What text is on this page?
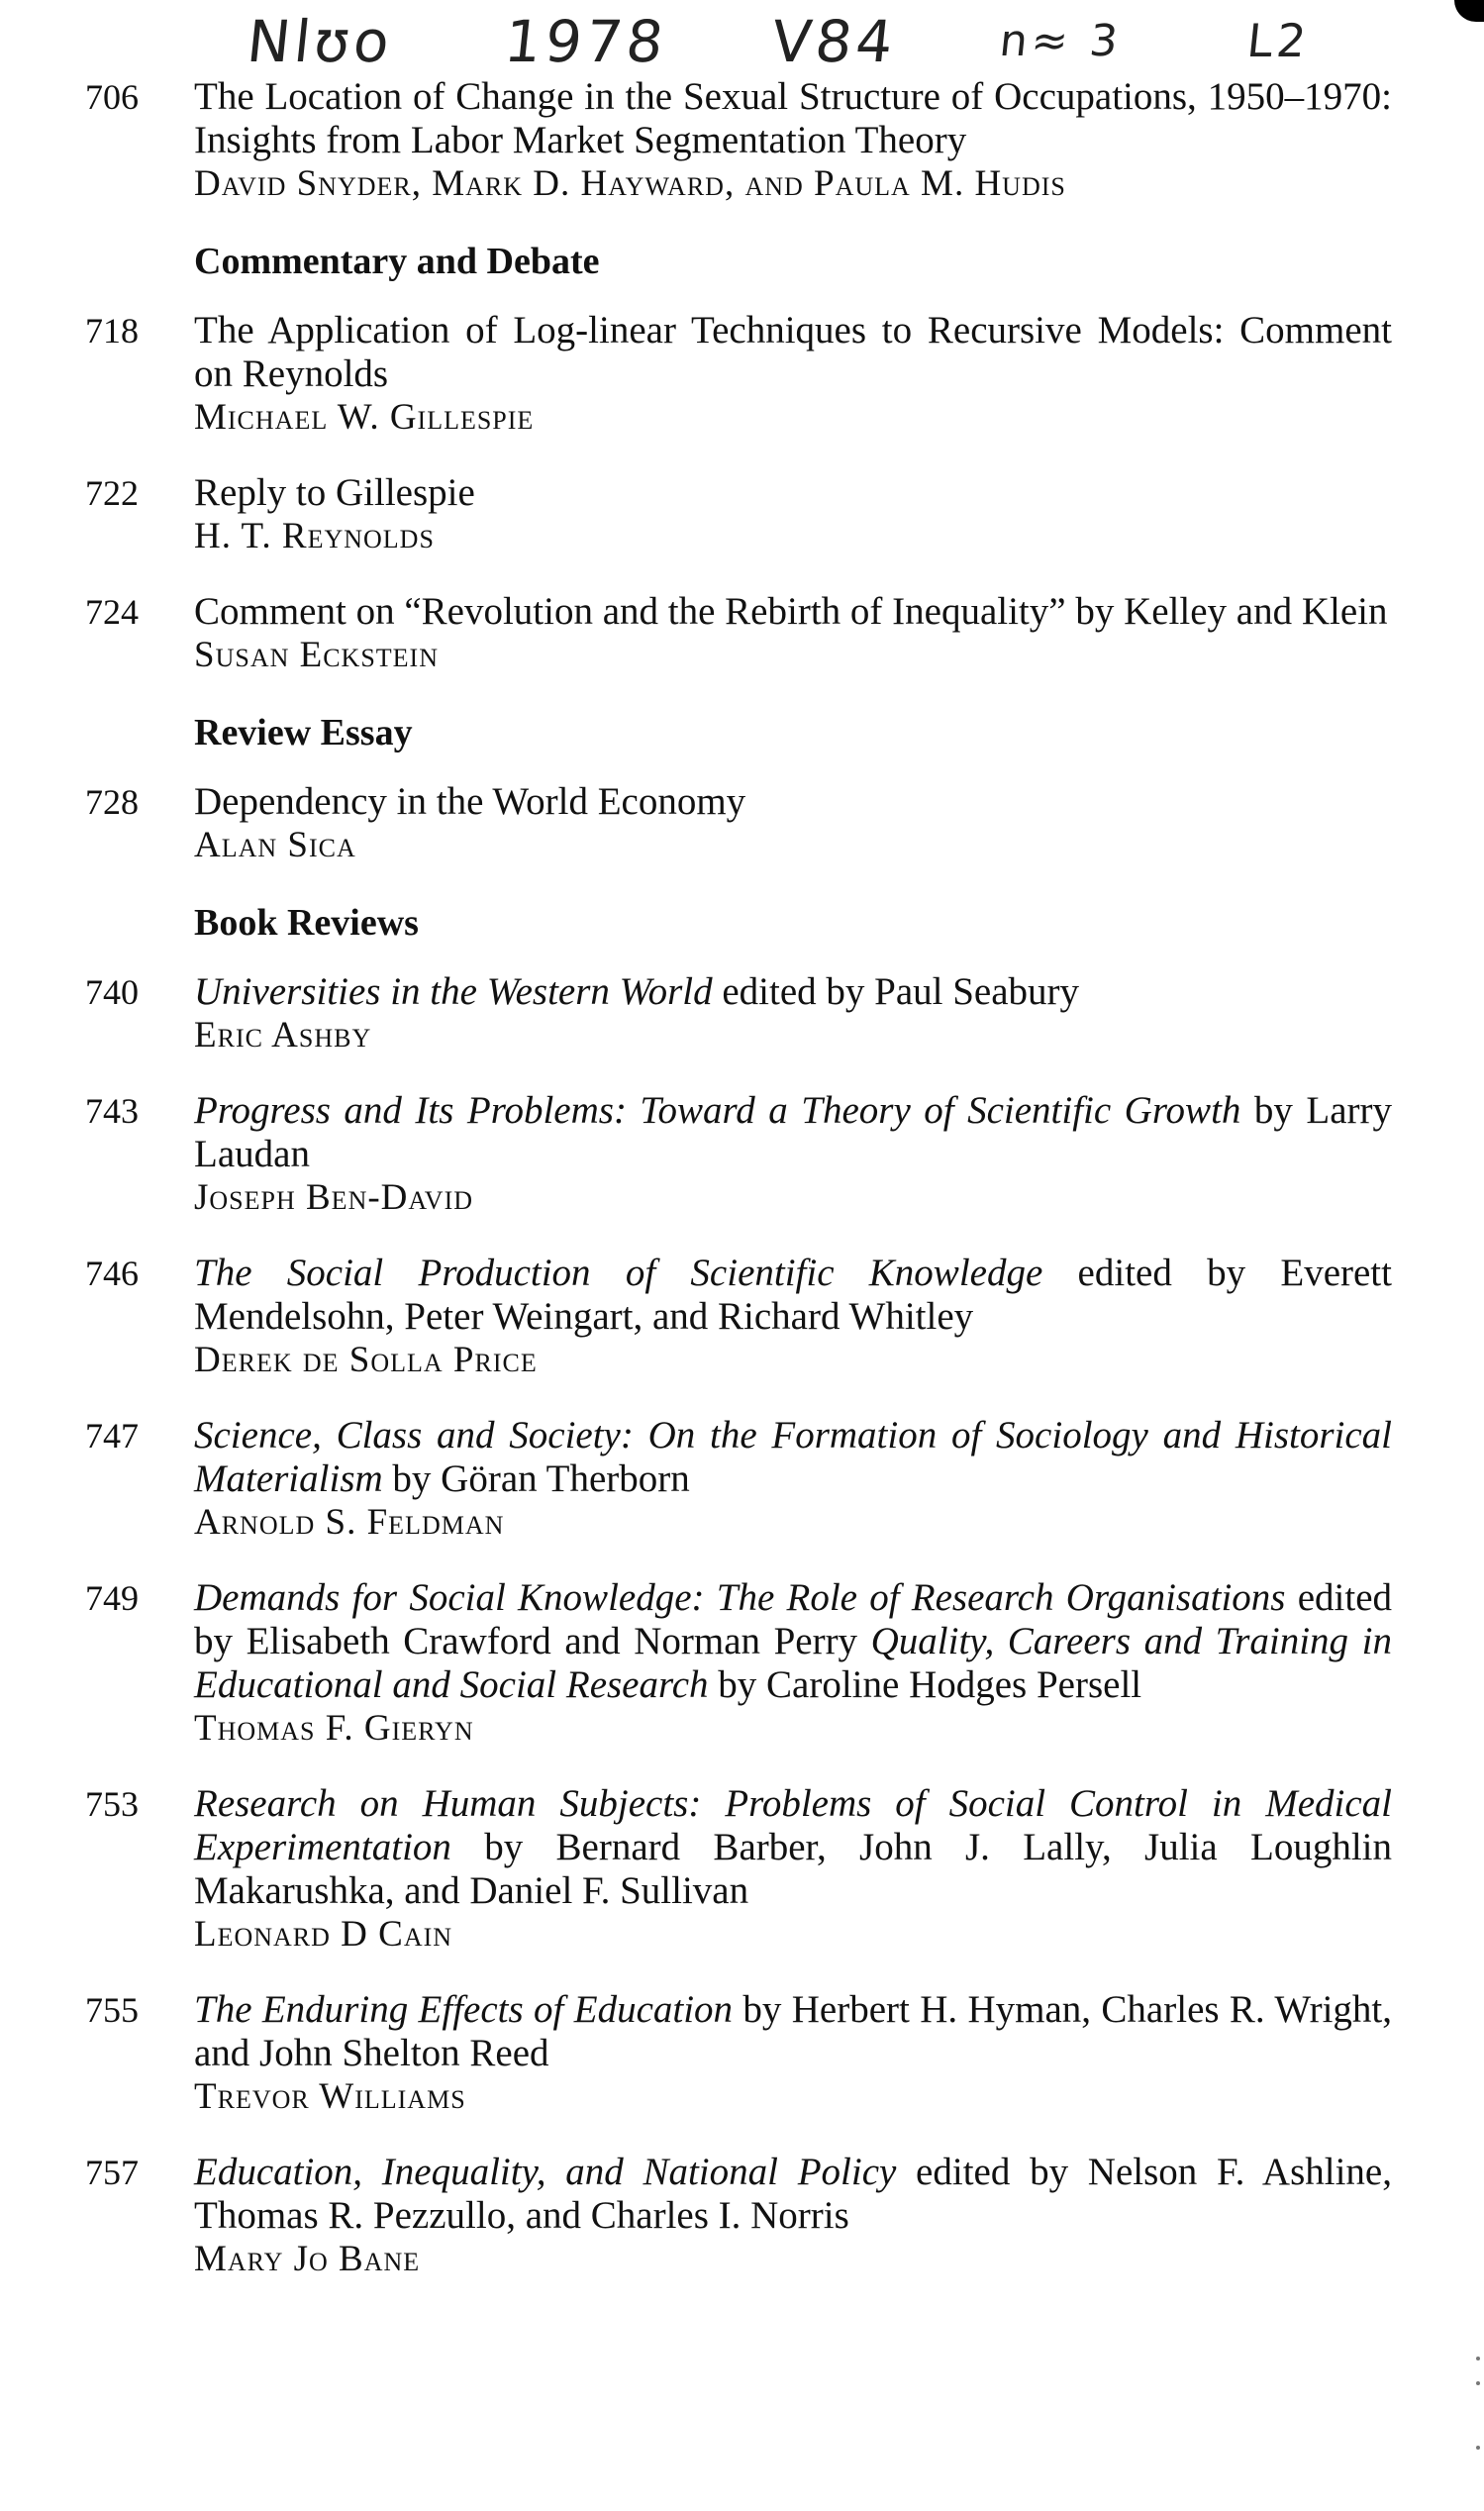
Nlʊo 1978 V84 n≈ 3	L2
706	The Location of Change in the Sexual Structure of Occupations, 1950–1970: Insights from Labor Market Segmentation Theory
David Snyder, Mark D. Hayward, and Paula M. Hudis
Commentary and Debate
718	The Application of Log-linear Techniques to Recursive Models: Comment on Reynolds
Michael W. Gillespie
722	Reply to Gillespie
H. T. Reynolds
724	Comment on “Revolution and the Rebirth of Inequality” by Kelley and Klein
Susan Eckstein
Review Essay
728	Dependency in the World Economy
Alan Sica
Book Reviews
740	Universities in the Western World edited by Paul Seabury
Eric Ashby
743	Progress and Its Problems: Toward a Theory of Scientific Growth by Larry Laudan
Joseph Ben-David
746	The Social Production of Scientific Knowledge edited by Everett Mendelsohn, Peter Weingart, and Richard Whitley
Derek de Solla Price
747	Science, Class and Society: On the Formation of Sociology and Historical Materialism by Göran Therborn
Arnold S. Feldman
749	Demands for Social Knowledge: The Role of Research Organisations edited by Elisabeth Crawford and Norman Perry Quality, Careers and Training in Educational and Social Research by Caroline Hodges Persell
Thomas F. Gieryn
753	Research on Human Subjects: Problems of Social Control in Medical Experimentation by Bernard Barber, John J. Lally, Julia Loughlin Makarushka, and Daniel F. Sullivan
Leonard D Cain
755	The Enduring Effects of Education by Herbert H. Hyman, Charles R. Wright, and John Shelton Reed
Trevor Williams
757	Education, Inequality, and National Policy edited by Nelson F. Ashline, Thomas R. Pezzullo, and Charles I. Norris
Mary Jo Bane
